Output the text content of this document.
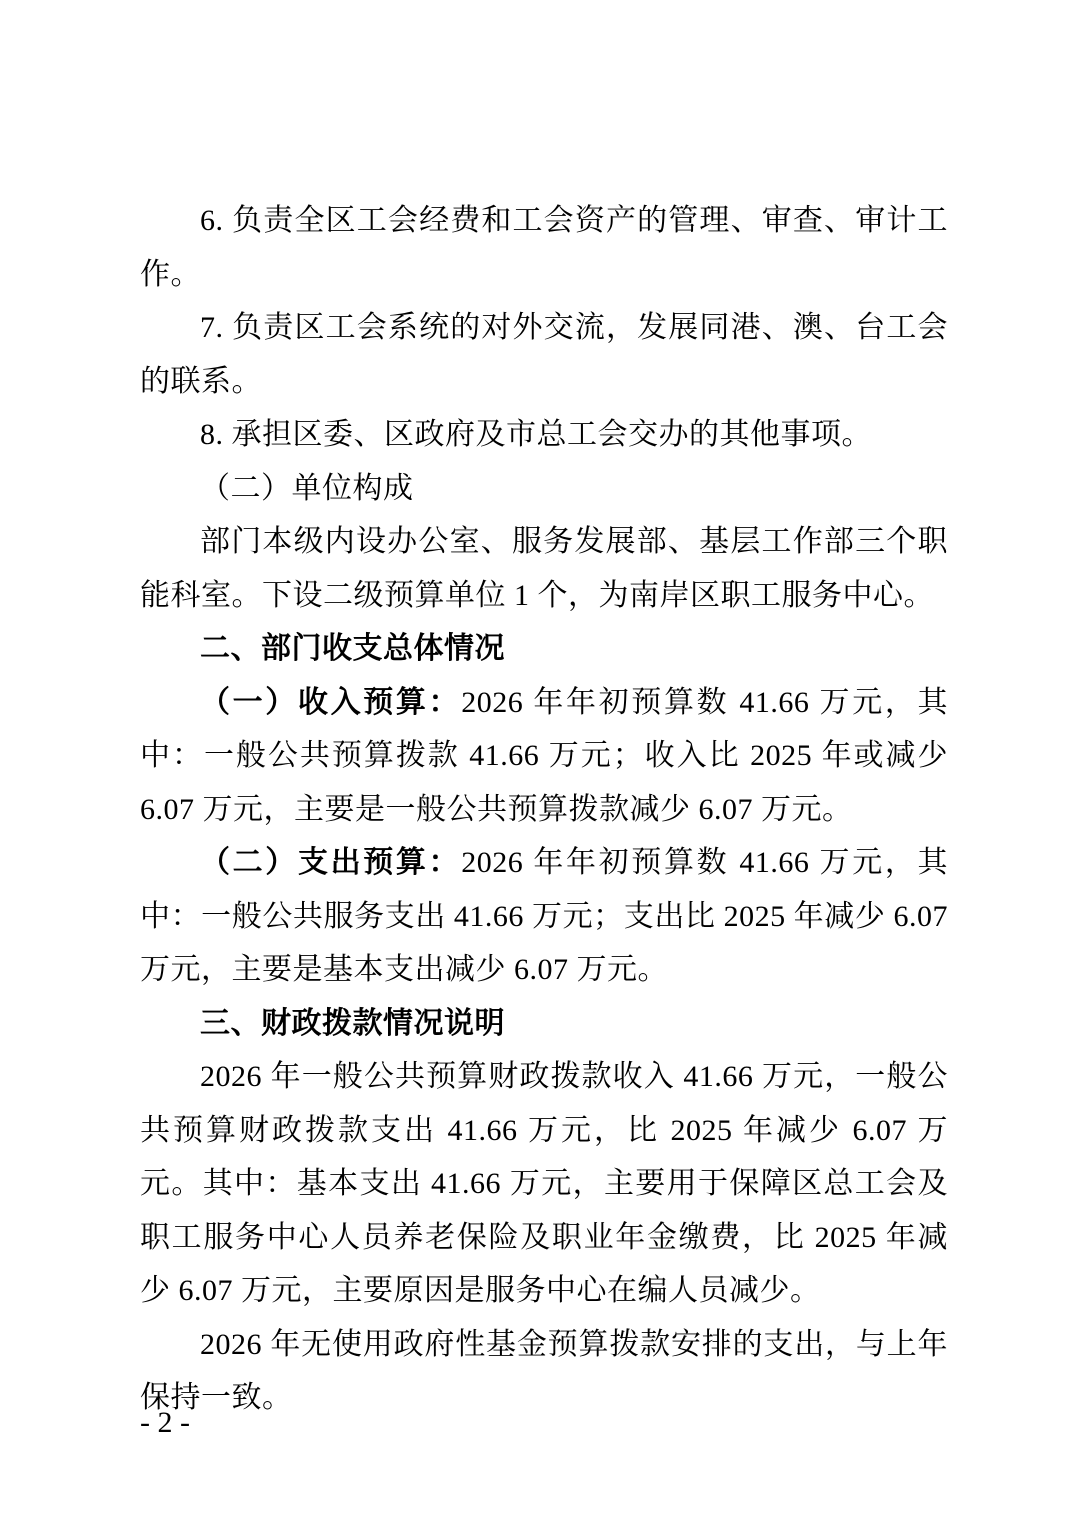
6. 负责全区工会经费和工会资产的管理、审查、审计工作。

7. 负责区工会系统的对外交流，发展同港、澳、台工会的联系。

8. 承担区委、区政府及市总工会交办的其他事项。

（二）单位构成

部门本级内设办公室、服务发展部、基层工作部三个职能科室。下设二级预算单位 1 个，为南岸区职工服务中心。

二、部门收支总体情况

（一）收入预算：2026 年年初预算数 41.66 万元，其中：一般公共预算拨款 41.66 万元；收入比 2025 年或减少 6.07 万元，主要是一般公共预算拨款减少 6.07 万元。

（二）支出预算：2026 年年初预算数 41.66 万元，其中：一般公共服务支出 41.66 万元；支出比 2025 年减少 6.07 万元，主要是基本支出减少 6.07 万元。

三、财政拨款情况说明

2026 年一般公共预算财政拨款收入 41.66 万元，一般公共预算财政拨款支出 41.66 万元，比 2025 年减少 6.07 万元。其中：基本支出 41.66 万元，主要用于保障区总工会及职工服务中心人员养老保险及职业年金缴费，比 2025 年减少 6.07 万元，主要原因是服务中心在编人员减少。

2026 年无使用政府性基金预算拨款安排的支出，与上年保持一致。

- 2 -
